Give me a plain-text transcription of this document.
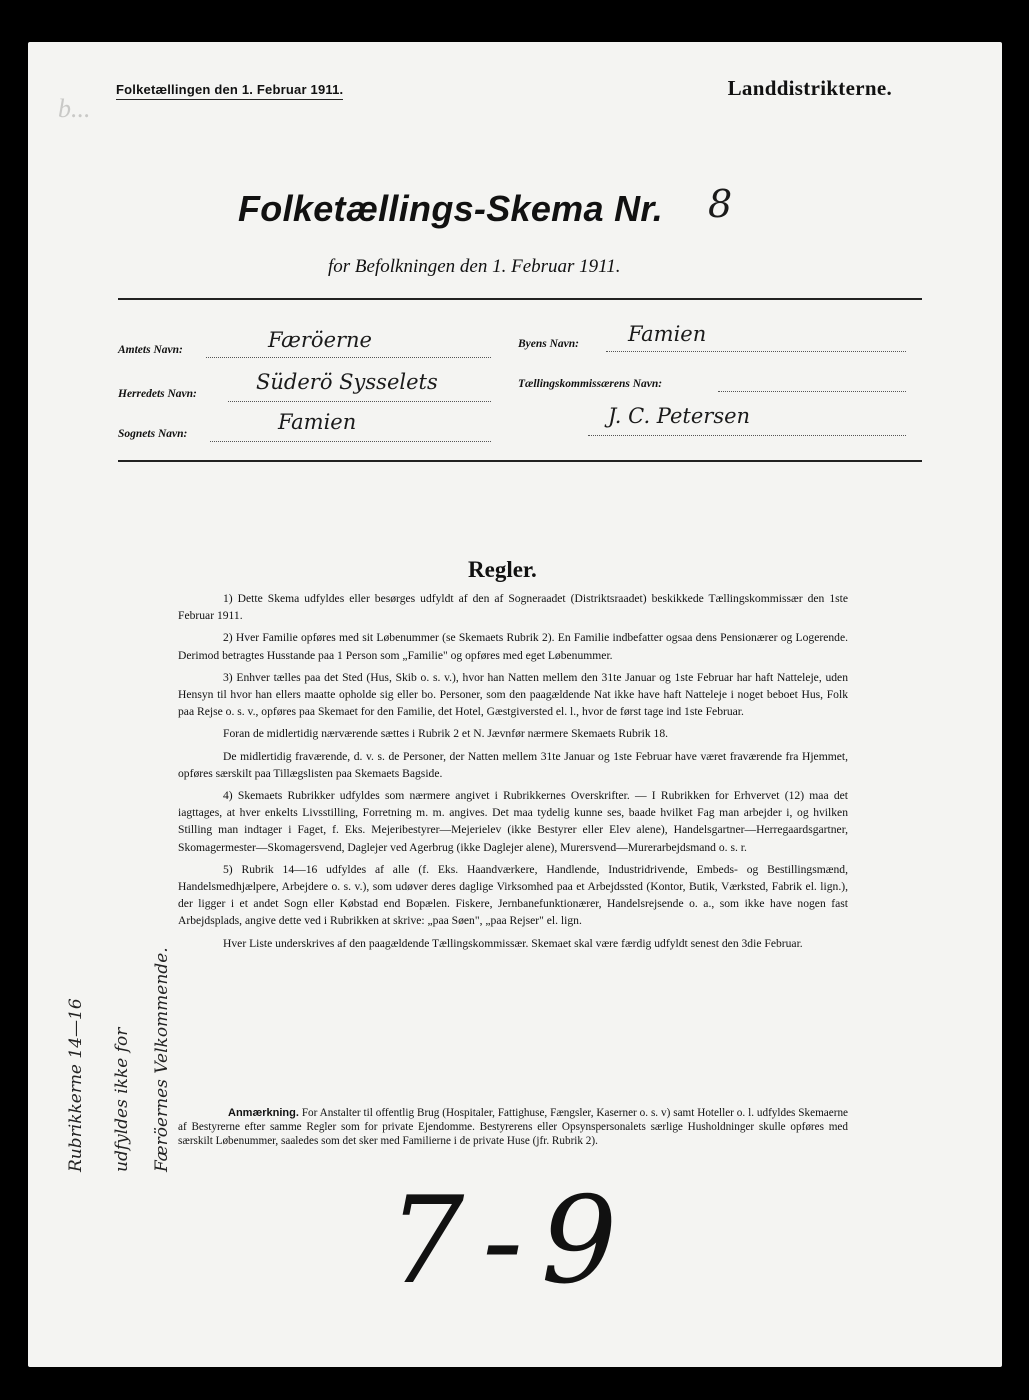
b...
Folketællingen den 1. Februar 1911.	Landdistrikterne.
Folketællings-Skema Nr. 8
for Befolkningen den 1. Februar 1911.
Amtets Navn:	Færöerne
Herredets Navn:	Süderö Sysselets
Sognets Navn:	Famien
Byens Navn: Famien
Tællingskommissærens Navn:
J. C. Petersen
Regler.

1) Dette Skema udfyldes eller besørges udfyldt af den af Sogneraadet (Distriktsraadet) beskikkede Tællingskommissær den 1ste Februar 1911.

2) Hver Familie opføres med sit Løbenummer (se Skemaets Rubrik 2). En Familie indbefatter ogsaa dens Pensionærer og Logerende. Derimod betragtes Husstande paa 1 Person som „Familie" og opføres med eget Løbenummer.

3) Enhver tælles paa det Sted (Hus, Skib o. s. v.), hvor han Natten mellem den 31te Januar og 1ste Februar har haft Natteleje, uden Hensyn til hvor han ellers maatte opholde sig eller bo. Personer, som den paagældende Nat ikke have haft Natteleje i noget beboet Hus, Folk paa Rejse o. s. v., opføres paa Skemaet for den Familie, det Hotel, Gæstgiversted el. l., hvor de først tage ind 1ste Februar.

Foran de midlertidig nærværende sættes i Rubrik 2 et N. Jævnfør nærmere Skemaets Rubrik 18.

De midlertidig fraværende, d. v. s. de Personer, der Natten mellem 31te Januar og 1ste Februar have været fraværende fra Hjemmet, opføres særskilt paa Tillægslisten paa Skemaets Bagside.

4) Skemaets Rubrikker udfyldes som nærmere angivet i Rubrikkernes Overskrifter. — I Rubrikken for Erhvervet (12) maa det iagttages, at hver enkelts Livsstilling, Forretning m. m. angives. Det maa tydelig kunne ses, baade hvilket Fag man arbejder i, og hvilken Stilling man indtager i Faget, f. Eks. Mejeribestyrer—Mejerielev (ikke Bestyrer eller Elev alene), Handelsgartner—Herregaardsgartner, Skomagermester—Skomagersvend, Daglejer ved Agerbrug (ikke Daglejer alene), Murersvend—Murerarbejdsmand o. s. r.

5) Rubrik 14—16 udfyldes af alle (f. Eks. Haandværkere, Handlende, Industridrivende, Embeds- og Bestillingsmænd, Handelsmedhjælpere, Arbejdere o. s. v.), som udøver deres daglige Virksomhed paa et Arbejdssted (Kontor, Butik, Værksted, Fabrik el. lign.), der ligger i et andet Sogn eller Købstad end Bopælen. Fiskere, Jernbanefunktionærer, Handelsrejsende o. a., som ikke have nogen fast Arbejdsplads, angive dette ved i Rubrikken at skrive: „paa Søen", „paa Rejser" el. lign.

Hver Liste underskrives af den paagældende Tællingskommissær. Skemaet skal være færdig udfyldt senest den 3die Februar.

Anmærkning. For Anstalter til offentlig Brug (Hospitaler, Fattighuse, Fængsler, Kaserner o. s. v) samt Hoteller o. l. udfyldes Skemaerne af Bestyrerne efter samme Regler som for private Ejendomme. Bestyrerens eller Opsynspersonalets særlige Husholdninger skulle opføres med særskilt Løbenummer, saaledes som det sker med Familierne i de private Huse (jfr. Rubrik 2).

Rubrikkerne 14—16 udfyldes ikke for Færöernes Velkommende.
7-9
